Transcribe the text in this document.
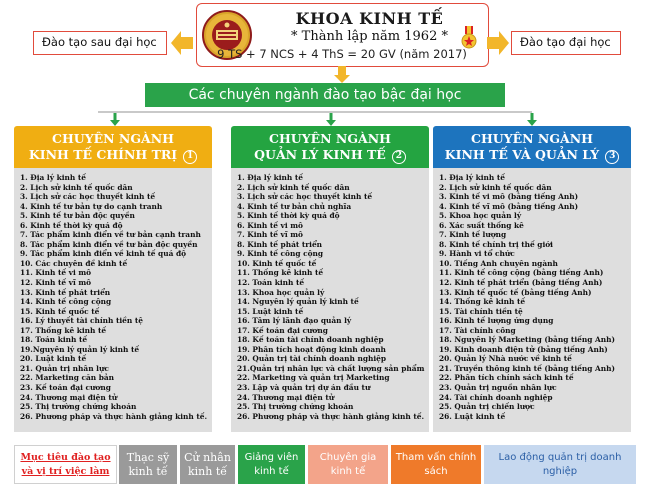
KHOA KINH TẾ
* Thành lập năm 1962 *
9 TS + 7 NCS + 4 ThS = 20 GV (năm 2017)
Đào tạo sau đại học	Đào tạo đại học
Các chuyên ngành đào tạo bậc đại học
CHUYÊN NGÀNH
KINH TẾ CHÍNH TRỊ 1
1. Địa lý kinh tế
2. Lịch sử kinh tế quốc dân
3. Lịch sử các học thuyết kinh tế
4. Kinh tế tư bản tự do cạnh tranh
5. Kinh tế tư bản độc quyền
6. Kinh tế thời kỳ quá độ
7. Tác phẩm kinh điển về tư bản cạnh tranh
8. Tác phẩm kinh điển về tư bản độc quyền
9. Tác phẩm kinh điển về kinh tế quá độ
10. Các chuyên đề kinh tế
11. Kinh tế vi mô
12. Kinh tế vĩ mô
13. Kinh tế phát triển
14. Kinh tế công cộng
15. Kinh tế quốc tế
16. Lý thuyết tài chính tiền tệ
17. Thống kê kinh tế
18. Toán kinh tế
19.Nguyên lý quản lý kinh tế
20. Luật kinh tế
21. Quản trị nhân lực
22. Marketing căn bản
23. Kế toán đại cương
24. Thương mại điện tử
25. Thị trường chứng khoán
26. Phương pháp và thực hành giảng kinh tế.
CHUYÊN NGÀNH
QUẢN LÝ KINH TẾ 2
1. Địa lý kinh tế
2. Lịch sử kinh tế quốc dân
3. Lịch sử các học thuyết kinh tế
4. Kinh tế tư bản chủ nghĩa
5. Kinh tế thời kỳ quá độ
6. Kinh tế vi mô
7. Kinh tế vĩ mô
8. Kinh tế phát triển
9. Kinh tế công cộng
10. Kinh tế quốc tế
11. Thống kê kinh tế
12. Toán kinh tế
13. Khoa học quản lý
14. Nguyên lý quản lý kinh tế
15. Luật kinh tế
16. Tâm lý lãnh đạo quản lý
17. Kế toán đại cương
18. Kế toán tài chính doanh nghiệp
19. Phân tích hoạt động kinh doanh
20. Quản trị tài chính doanh nghiệp
21.Quản trị nhân lực và chất lượng sản phẩm
22. Marketing và quản trị Marketing
23. Lập và quản trị dự án đầu tư
24. Thương mại điện tử
25. Thị trường chứng khoán
26. Phương pháp và thực hành giảng kinh tế.
CHUYÊN NGÀNH
KINH TẾ VÀ QUẢN LÝ 3
1. Địa lý kinh tế
2. Lịch sử kinh tế quốc dân
3. Kinh tế vi mô (bằng tiếng Anh)
4. Kinh tế vĩ mô (bằng tiếng Anh)
5. Khoa học quản lý
6. Xác suất thống kê
7. Kinh tế lượng
8. Kinh tế chính trị thế giới
9. Hành vi tổ chức
10. Tiếng Anh chuyên ngành
11. Kinh tế công cộng (bằng tiếng Anh)
12. Kinh tế phát triển (bằng tiếng Anh)
13. Kinh tế quốc tế (bằng tiếng Anh)
14. Thống kê kinh tế
15. Tài chính tiền tệ
16. Kinh tế lượng ứng dụng
17. Tài chính công
18. Nguyên lý Marketing (bằng tiếng Anh)
19. Kinh doanh điện tử (bằng tiếng Anh)
20. Quản lý Nhà nước về kinh tế
21. Truyền thông kinh tế (bằng tiếng Anh)
22. Phân tích chính sách kinh tế
23. Quản trị nguồn nhân lực
24. Tài chính doanh nghiệp
25. Quản trị chiến lược
26. Luật kinh tế
Mục tiêu đào tạo và vị trí việc làm
Thạc sỹ kinh tế
Cử nhân kinh tế
Giảng viên kinh tế
Chuyên gia kinh tế
Tham vấn chính sách
Lao động quản trị doanh nghiệp
